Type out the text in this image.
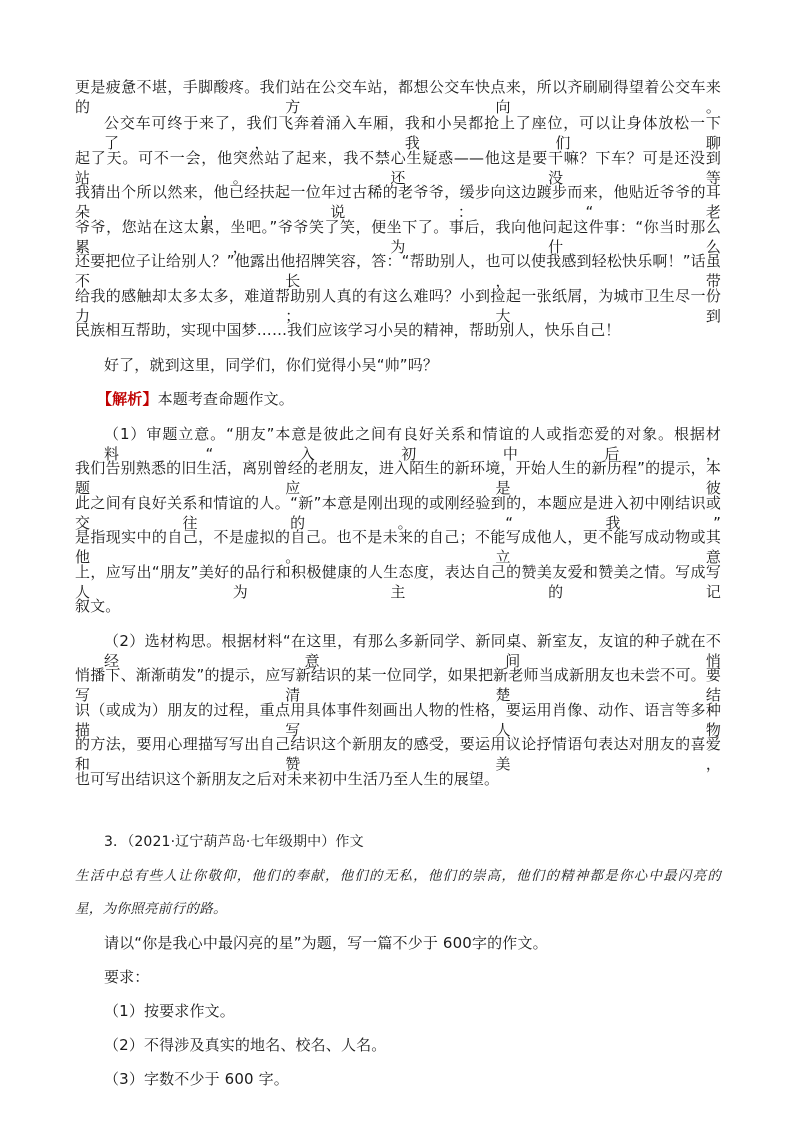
更是疲惫不堪，手脚酸疼。我们站在公交车站，都想公交车快点来，所以齐刷刷得望着公交车来的方向。
公交车可终于来了，我们飞奔着涌入车厢，我和小吴都抢上了座位，可以让身体放松一下了，我们聊
起了天。可不一会，他突然站了起来，我不禁心生疑惑——他这是要干嘛？下车？可是还没到站。还没等
我猜出个所以然来，他已经扶起一位年过古稀的老爷爷，缓步向这边踱步而来，他贴近爷爷的耳朵，说：“老
爷爷，您站在这太累，坐吧。”爷爷笑了笑，便坐下了。事后，我向他问起这件事：“你当时那么累，为什么
还要把位子让给别人？”他露出他招牌笑容，答：“帮助别人，也可以使我感到轻松快乐啊！”话虽不长，带
给我的感触却太多太多，难道帮助别人真的有这么难吗？小到捡起一张纸屑，为城市卫生尽一份力；大到
民族相互帮助，实现中国梦……我们应该学习小吴的精神，帮助别人，快乐自己！
好了，就到这里，同学们，你们觉得小吴“帅”吗？
【解析】本题考查命题作文。
（1）审题立意。“朋友”本意是彼此之间有良好关系和情谊的人或指恋爱的对象。根据材料“入初中后，
我们告别熟悉的旧生活，离别曾经的老朋友，进入陌生的新环境，开始人生的新历程”的提示，本题应是彼
此之间有良好关系和情谊的人。“新”本意是刚出现的或刚经验到的，本题应是进入初中刚结识或交往的。“我”
是指现实中的自己，不是虚拟的自己。也不是未来的自己；不能写成他人，更不能写成动物或其他。立意
上，应写出“朋友”美好的品行和积极健康的人生态度，表达自己的赞美友爱和赞美之情。写成写人为主的记
叙文。
（2）选材构思。根据材料“在这里，有那么多新同学、新同桌、新室友，友谊的种子就在不经意间悄
悄播下、渐渐萌发”的提示，应写新结识的某一位同学，如果把新老师当成新朋友也未尝不可。要写清楚结
识（或成为）朋友的过程，重点用具体事件刻画出人物的性格，要运用肖像、动作、语言等多种描写人物
的方法，要用心理描写写出自己结识这个新朋友的感受，要运用议论抒情语句表达对朋友的喜爱和赞美，
也可写出结识这个新朋友之后对未来初中生活乃至人生的展望。
3．（2021·辽宁葫芦岛·七年级期中）作文
生活中总有些人让你敬仰，他们的奉献，他们的无私，他们的崇高，他们的精神都是你心中最闪亮的
星，为你照亮前行的路。
请以“你是我心中最闪亮的星”为题，写一篇不少于 600字的作文。
要求：
（1）按要求作文。
（2）不得涉及真实的地名、校名、人名。
（3）字数不少于 600 字。
